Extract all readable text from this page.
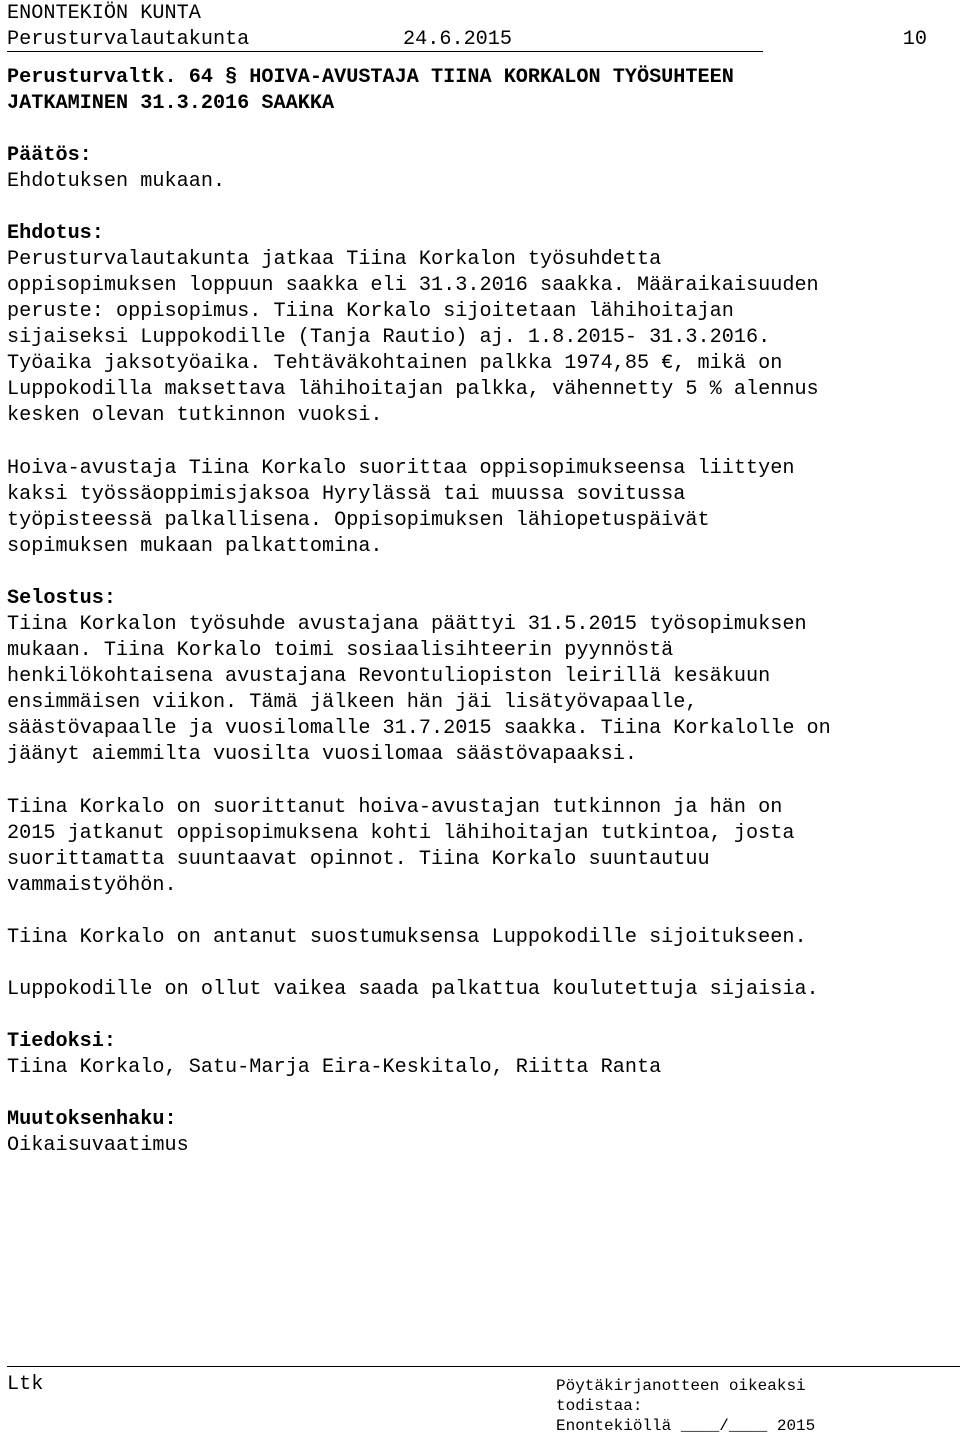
ENONTEKIÖN KUNTA
Perusturvalautakunta	24.6.2015	10
Perusturvaltk. 64 § HOIVA-AVUSTAJA TIINA KORKALON TYÖSUHTEEN
JATKAMINEN 31.3.2016 SAAKKA
Päätös:
Ehdotuksen mukaan.
Ehdotus:
Perusturvalautakunta jatkaa Tiina Korkalon työsuhdetta
oppisopimuksen loppuun saakka eli 31.3.2016 saakka. Määraikaisuuden
peruste: oppisopimus. Tiina Korkalo sijoitetaan lähihoitajan
sijaiseksi Luppokodille (Tanja Rautio) aj. 1.8.2015- 31.3.2016.
Työaika jaksotyöaika. Tehtäväkohtainen palkka 1974,85 €, mikä on
Luppokodilla maksettava lähihoitajan palkka, vähennetty 5 % alennus
kesken olevan tutkinnon vuoksi.
Hoiva-avustaja Tiina Korkalo suorittaa oppisopimukseensa liittyen
kaksi työssäoppimisjaksoa Hyrylässä tai muussa sovitussa
työpisteessä palkallisena. Oppisopimuksen lähiopetuspäivät
sopimuksen mukaan palkattomina.
Selostus:
Tiina Korkalon työsuhde avustajana päättyi 31.5.2015 työsopimuksen
mukaan. Tiina Korkalo toimi sosiaalisihteerin pyynnöstä
henkilökohtaisena avustajana Revontuliopiston leirillä kesäkuun
ensimmäisen viikon. Tämä jälkeen hän jäi lisätyövapaalle,
säästövapaalle ja vuosilomalle 31.7.2015 saakka. Tiina Korkalolle on
jäänyt aiemmilta vuosilta vuosilomaa säästövapaaksi.
Tiina Korkalo on suorittanut hoiva-avustajan tutkinnon ja hän on
2015 jatkanut oppisopimuksena kohti lähihoitajan tutkintoa, josta
suorittamatta suuntaavat opinnot. Tiina Korkalo suuntautuu
vammaistyöhön.
Tiina Korkalo on antanut suostumuksensa Luppokodille sijoitukseen.
Luppokodille on ollut vaikea saada palkattua koulutettuja sijaisia.
Tiedoksi:
Tiina Korkalo, Satu-Marja Eira-Keskitalo, Riitta Ranta
Muutoksenhaku:
Oikaisuvaatimus
Ltk	Pöytäkirjanotteen oikeaksi
todistaa:
Enontekiöllä ____/____ 2015
